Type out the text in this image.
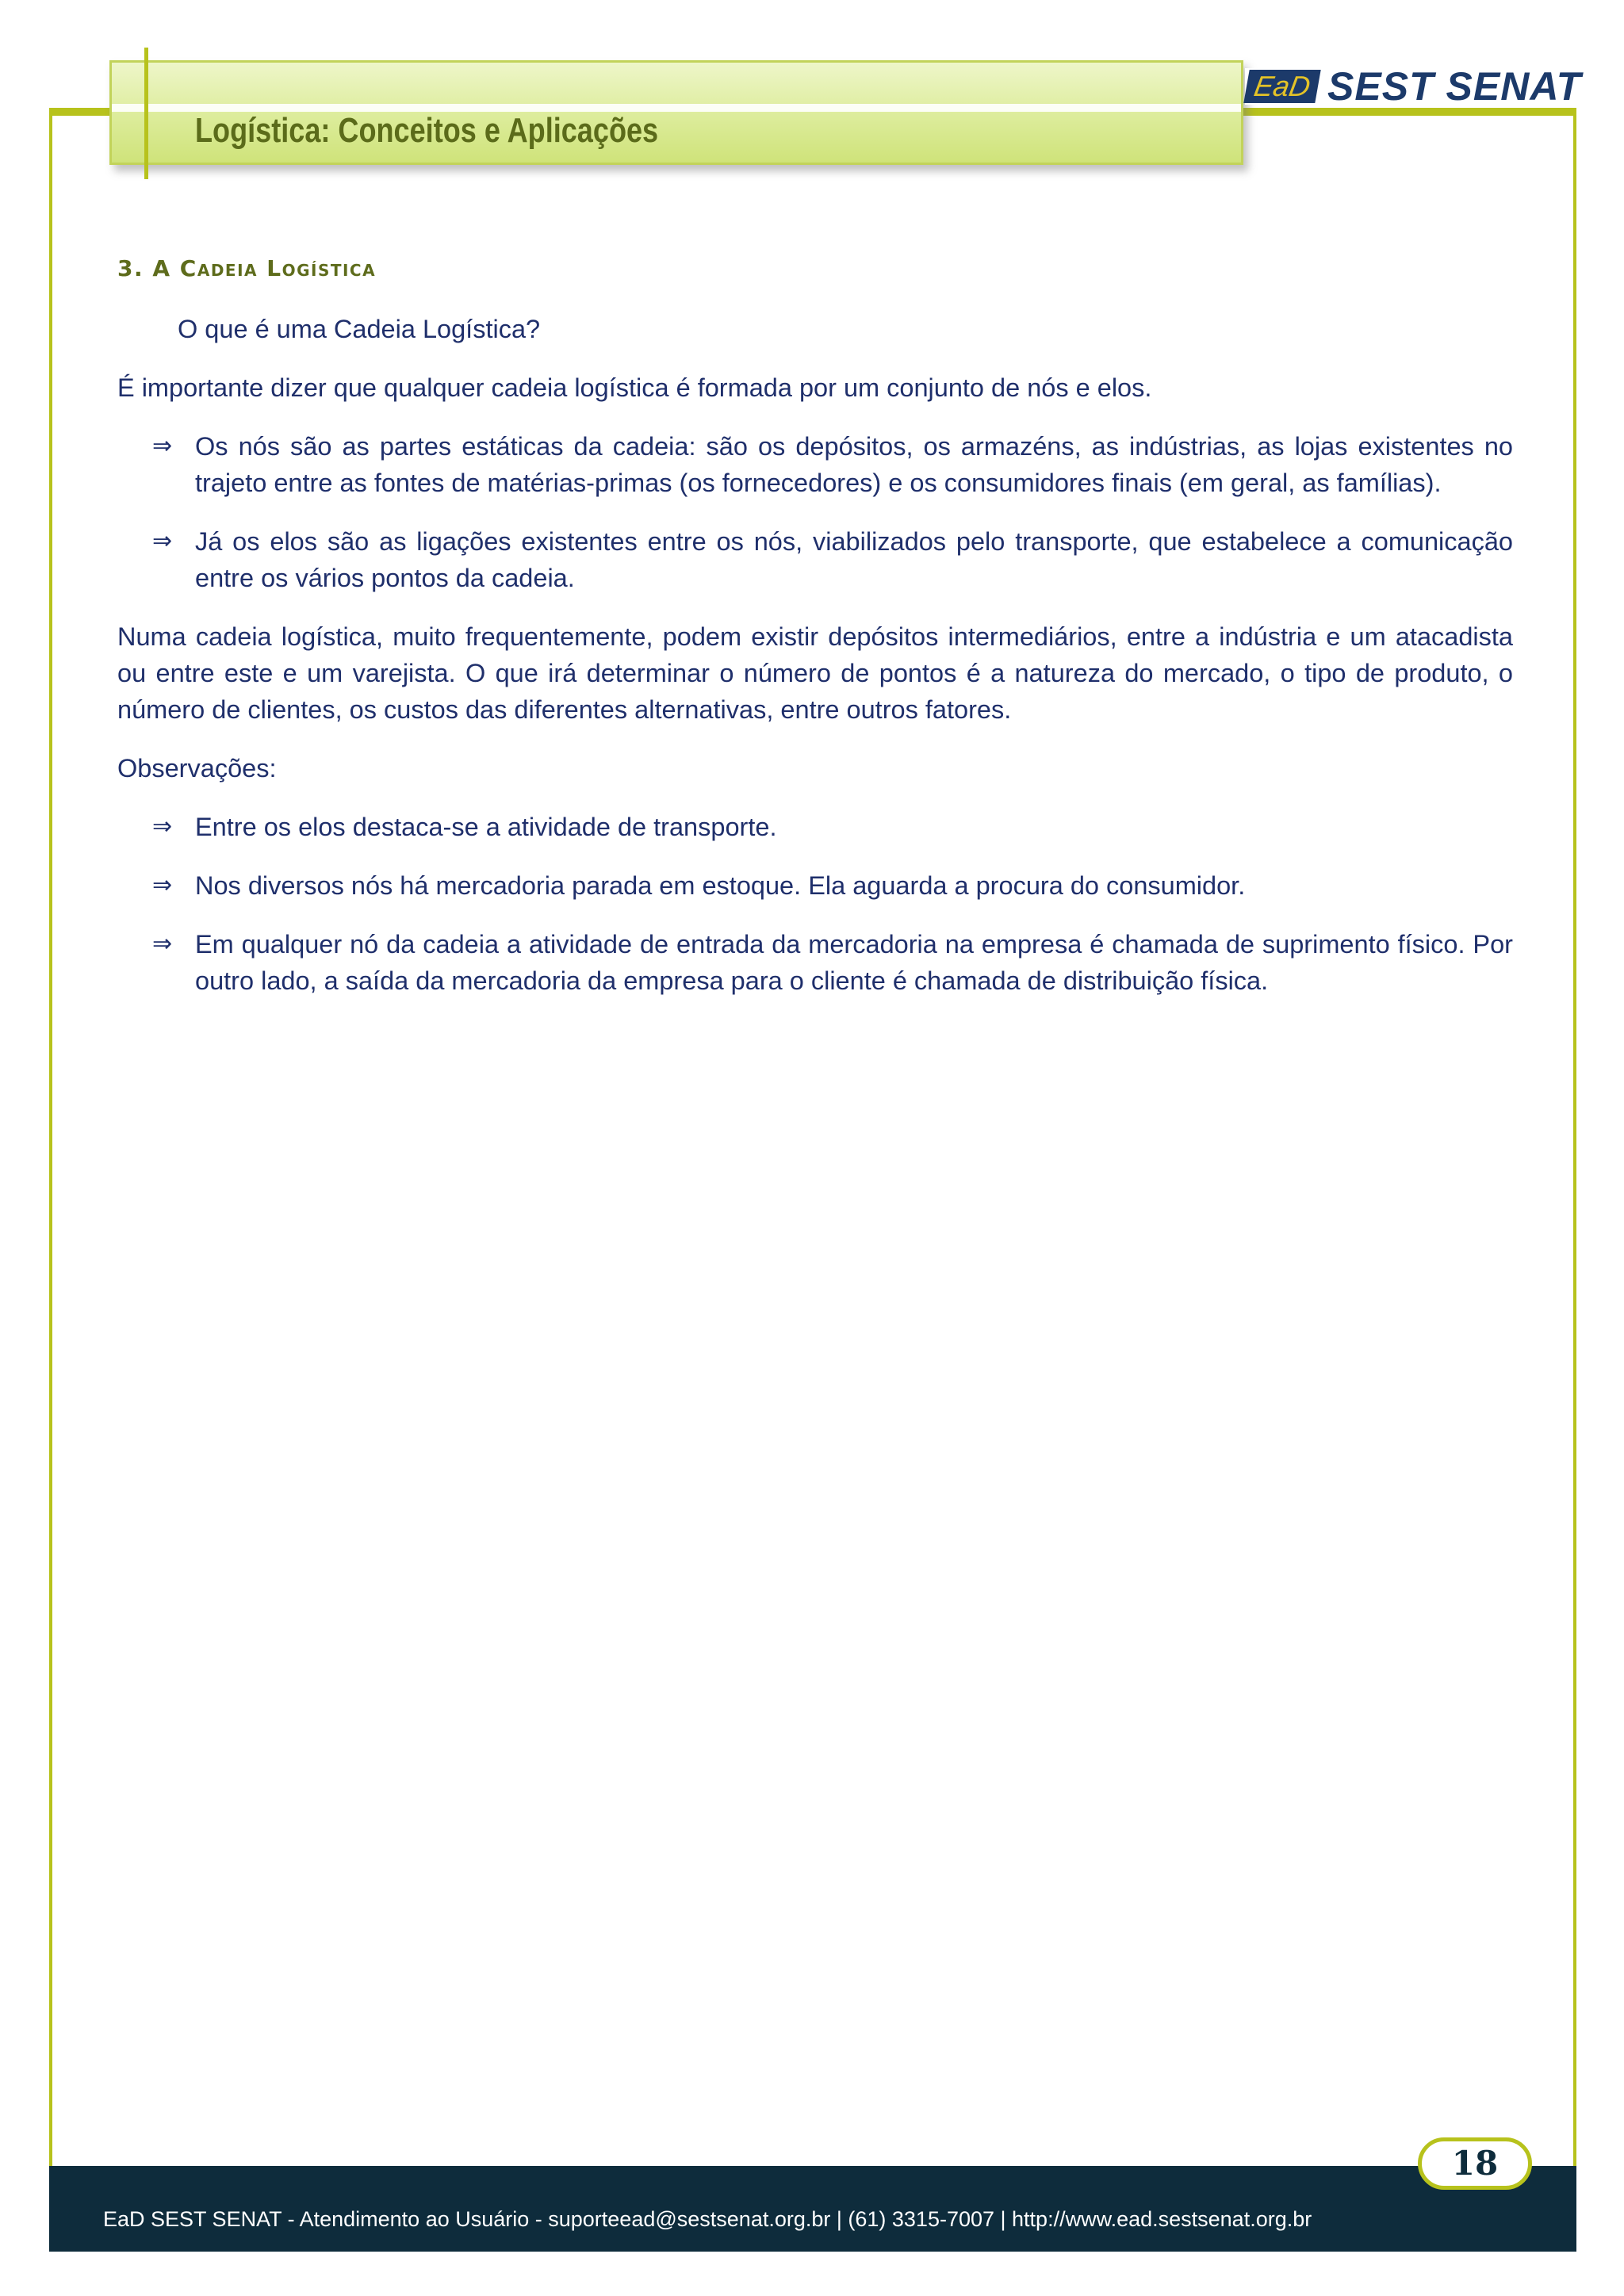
Logística: Conceitos e Aplicações
EaD SEST SENAT
3. A Cadeia Logística
O que é uma Cadeia Logística?

É importante dizer que qualquer cadeia logística é formada por um conjunto de nós e elos.

⇒ Os nós são as partes estáticas da cadeia: são os depósitos, os armazéns, as indústrias, as lojas existentes no trajeto entre as fontes de matérias-primas (os fornecedores) e os consumidores finais (em geral, as famílias).
⇒ Já os elos são as ligações existentes entre os nós, viabilizados pelo transporte, que estabelece a comunicação entre os vários pontos da cadeia.

Numa cadeia logística, muito frequentemente, podem existir depósitos intermediários, entre a indústria e um atacadista ou entre este e um varejista. O que irá determinar o número de pontos é a natureza do mercado, o tipo de produto, o número de clientes, os custos das diferentes alternativas, entre outros fatores.

Observações:

⇒ Entre os elos destaca-se a atividade de transporte.
⇒ Nos diversos nós há mercadoria parada em estoque. Ela aguarda a procura do consumidor.
⇒ Em qualquer nó da cadeia a atividade de entrada da mercadoria na empresa é chamada de suprimento físico. Por outro lado, a saída da mercadoria da empresa para o cliente é chamada de distribuição física.
EaD SEST SENAT - Atendimento ao Usuário - suporteead@sestsenat.org.br | (61) 3315-7007 | http://www.ead.sestsenat.org.br
18
